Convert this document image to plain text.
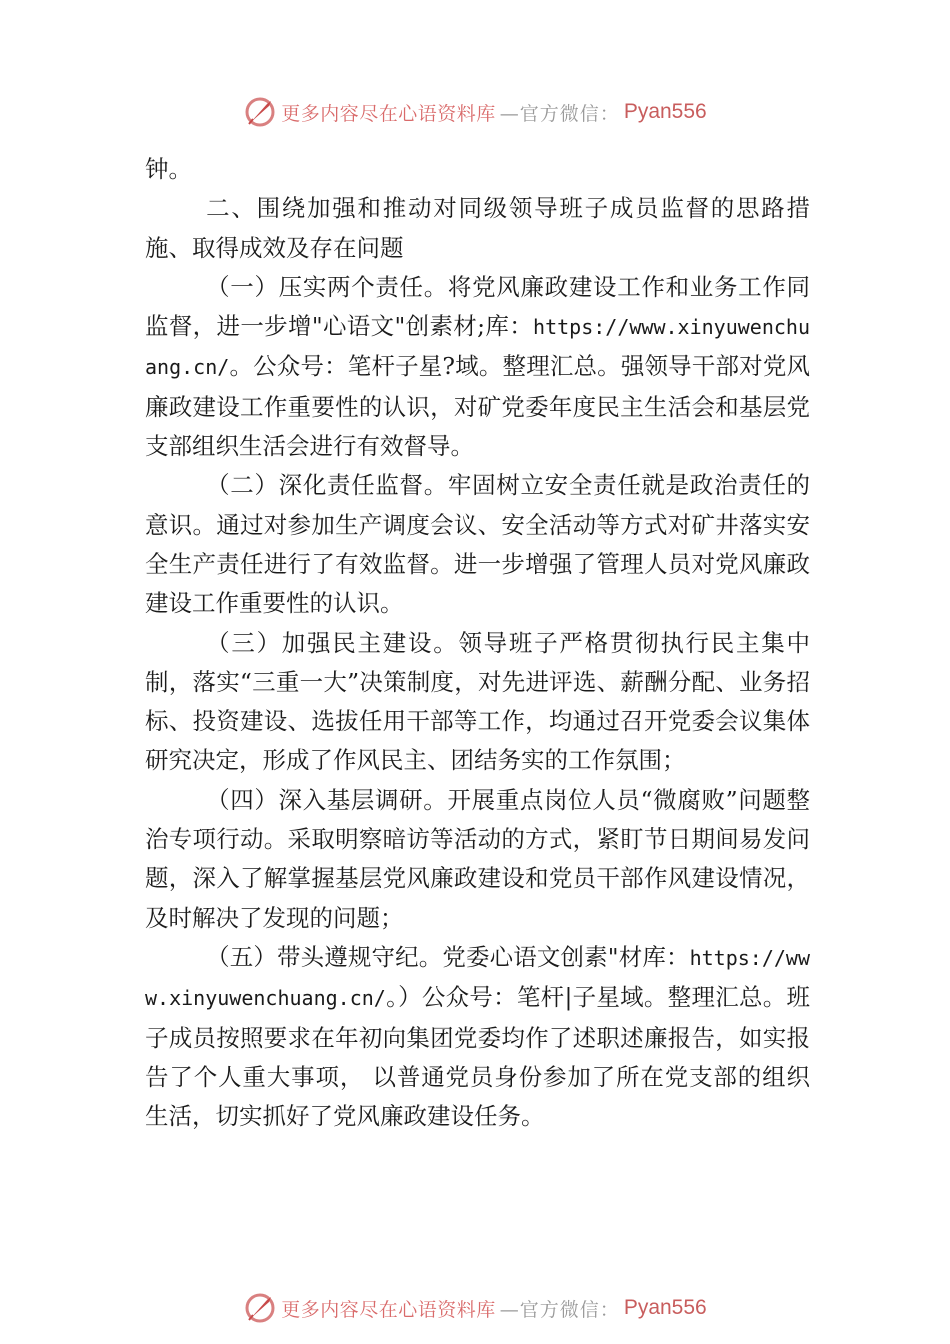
更多内容尽在心语资料库 —官方微信： Pyan556

钟。

二、围绕加强和推动对同级领导班子成员监督的思路措施、取得成效及存在问题

（一）压实两个责任。将党风廉政建设工作和业务工作同监督，进一步增"心语文"创素材;库：https://www.xinyuwenchuang.cn/。公众号：笔杆子星?域。整理汇总。强领导干部对党风廉政建设工作重要性的认识，对矿党委年度民主生活会和基层党支部组织生活会进行有效督导。

（二）深化责任监督。牢固树立安全责任就是政治责任的意识。通过对参加生产调度会议、安全活动等方式对矿井落实安全生产责任进行了有效监督。进一步增强了管理人员对党风廉政建设工作重要性的认识。

（三）加强民主建设。领导班子严格贯彻执行民主集中制，落实“三重一大”决策制度，对先进评选、薪酬分配、业务招标、投资建设、选拔任用干部等工作，均通过召开党委会议集体研究决定，形成了作风民主、团结务实的工作氛围；

（四）深入基层调研。开展重点岗位人员“微腐败”问题整治专项行动。采取明察暗访等活动的方式，紧盯节日期间易发问题，深入了解掌握基层党风廉政建设和党员干部作风建设情况，及时解决了发现的问题；

（五）带头遵规守纪。党委心语文创素"材库：https://www.xinyuwenchuang.cn/。）公众号：笔杆|子星域。整理汇总。班子成员按照要求在年初向集团党委均作了述职述廉报告，如实报告了个人重大事项， 以普通党员身份参加了所在党支部的组织生活，切实抓好了党风廉政建设任务。

更多内容尽在心语资料库 —官方微信： Pyan556
